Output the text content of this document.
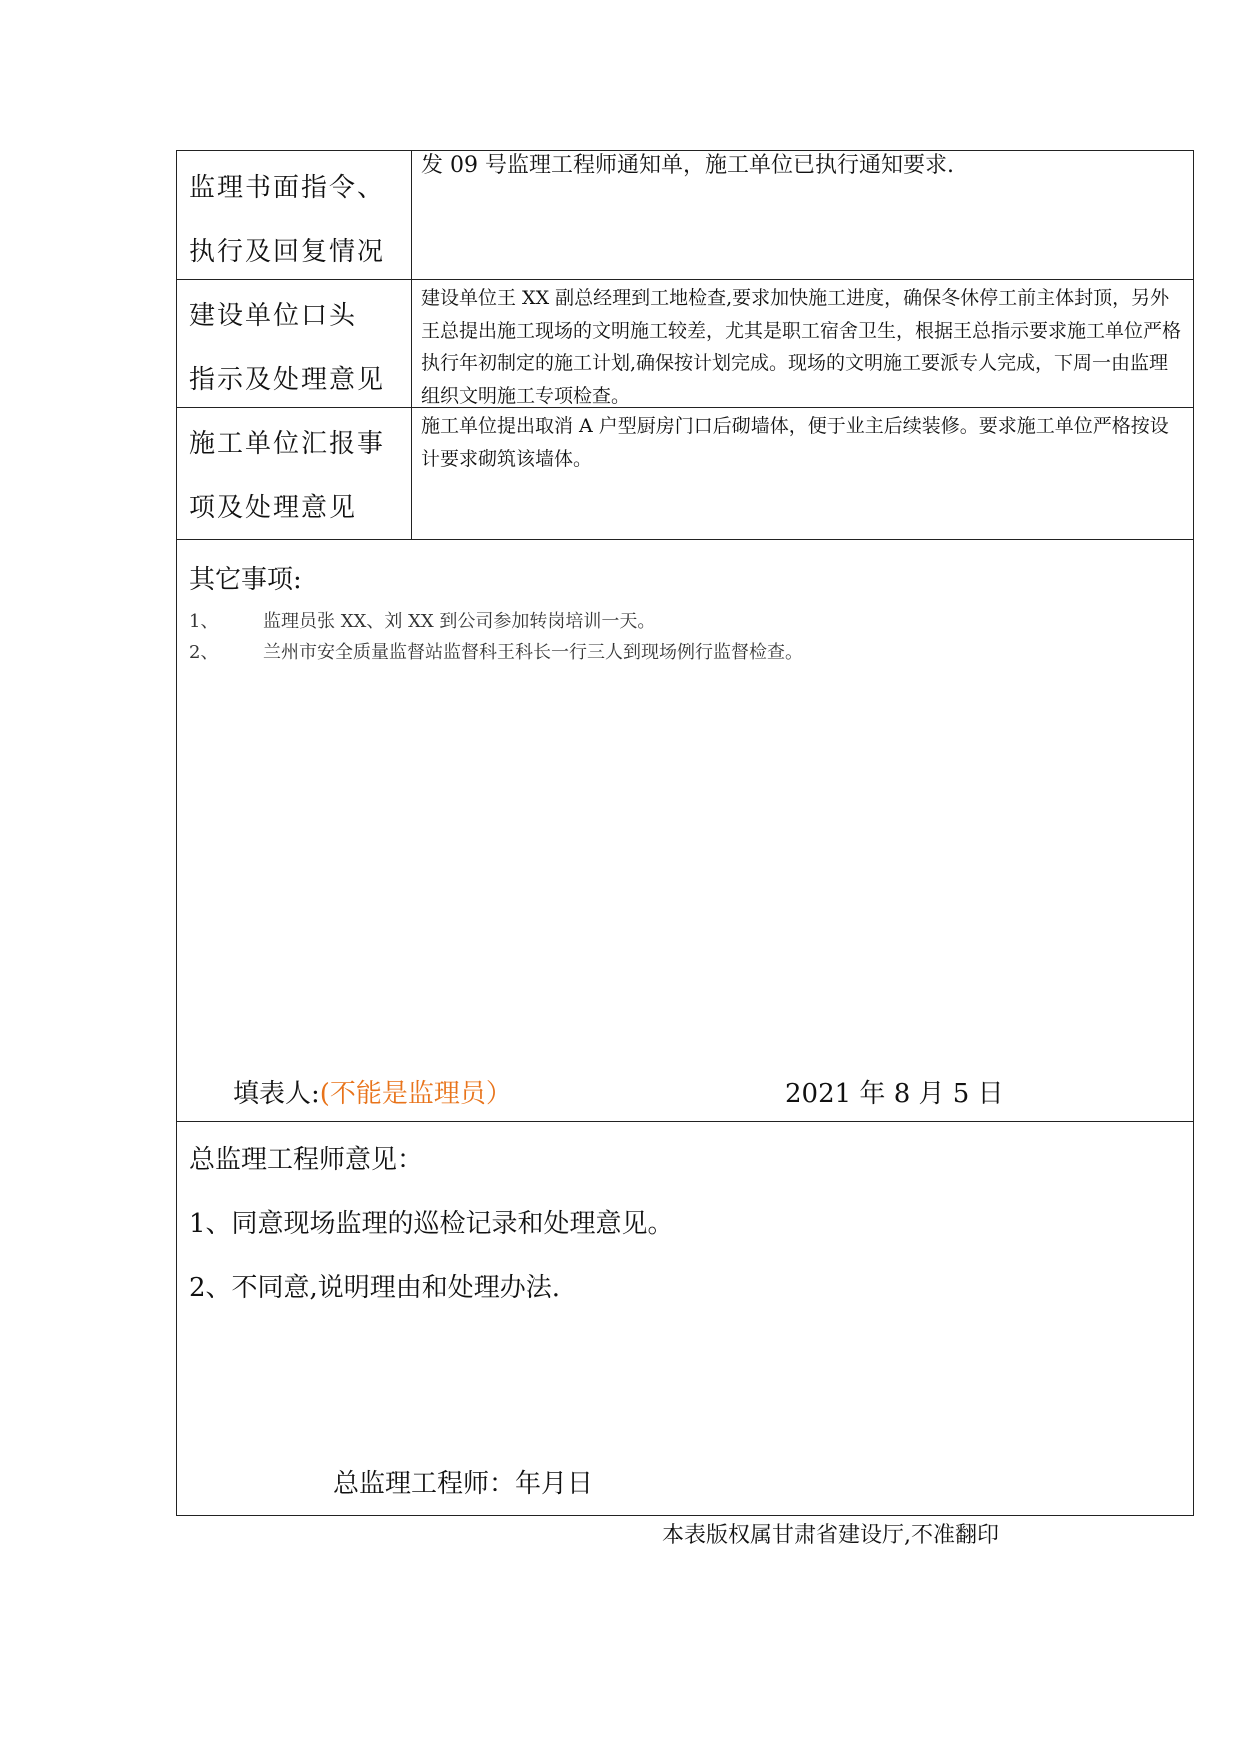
监理书面指令、
执行及回复情况
发 09 号监理工程师通知单，施工单位已执行通知要求.
建设单位口头
指示及处理意见
建设单位王 XX 副总经理到工地检查,要求加快施工进度，确保冬休停工前主体封顶，另外王总提出施工现场的文明施工较差，尤其是职工宿舍卫生，根据王总指示要求施工单位严格执行年初制定的施工计划,确保按计划完成。现场的文明施工要派专人完成，下周一由监理组织文明施工专项检查。
施工单位汇报事
项及处理意见
施工单位提出取消 A 户型厨房门口后砌墙体，便于业主后续装修。要求施工单位严格按设计要求砌筑该墙体。
其它事项:
1、 监理员张 XX、刘 XX 到公司参加转岗培训一天。
2、 兰州市安全质量监督站监督科王科长一行三人到现场例行监督检查。
填表人:(不能是监理员）	2021 年 8 月 5 日
总监理工程师意见：
1、同意现场监理的巡检记录和处理意见。
2、不同意,说明理由和处理办法.
总监理工程师：年月日
本表版权属甘肃省建设厅,不准翻印
